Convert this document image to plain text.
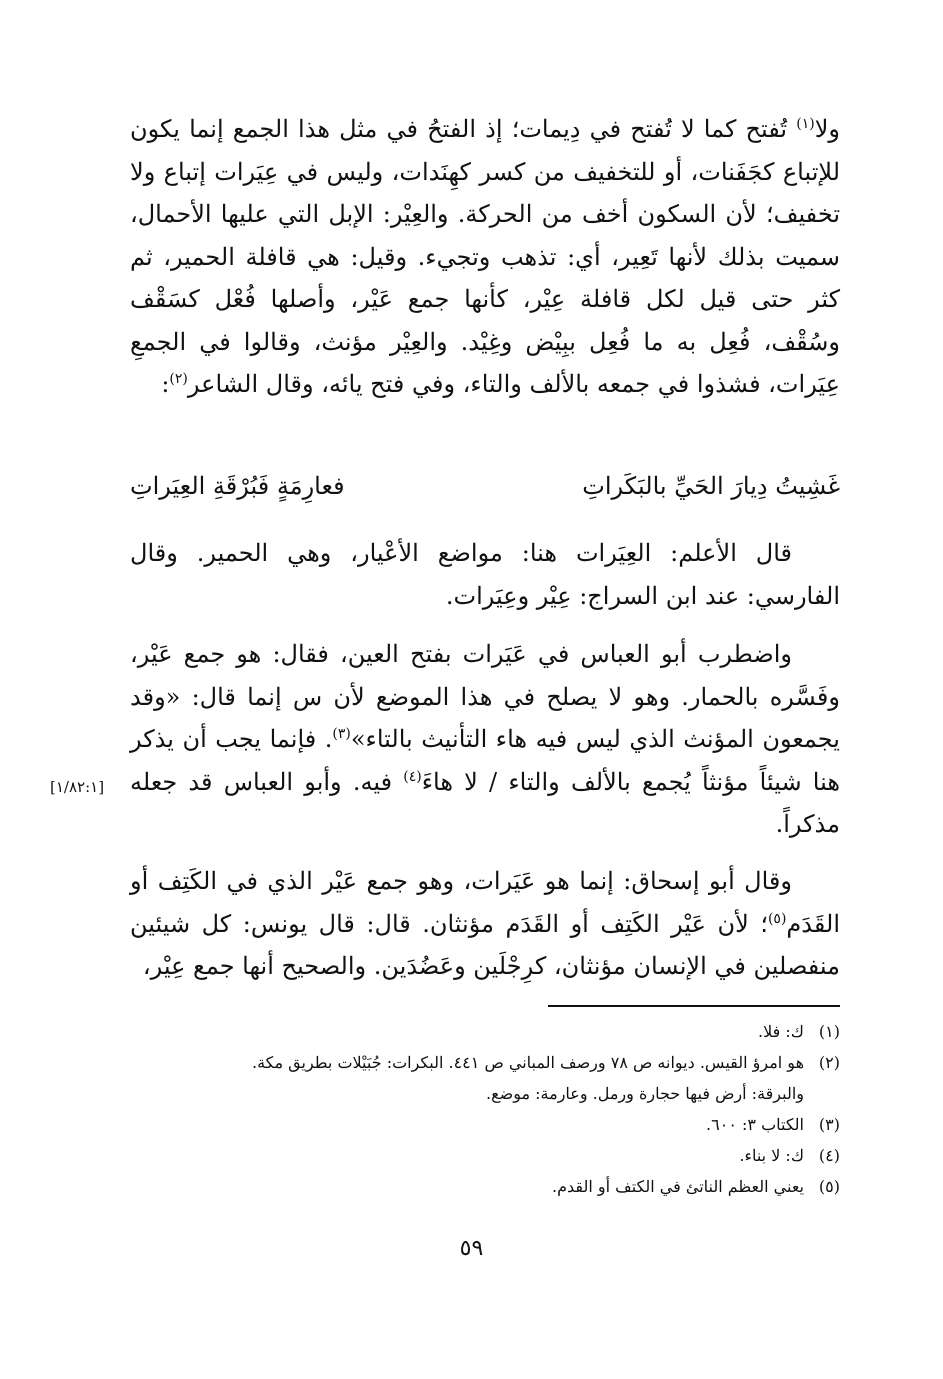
ولا$^{(١)}$ تُفتح كما لا تُفتح في دِيمات؛ إذ الفتحُ في مثل هذا الجمع إنما يكون للإتباع كجَفَنات، أو للتخفيف من كسر كهِنَدات، وليس في عِيَرات إتباع ولا تخفيف؛ لأن السكون أخف من الحركة. والعِيْر: الإبل التي عليها الأحمال، سميت بذلك لأنها تَعِير، أي: تذهب وتجيء. وقيل: هي قافلة الحمير، ثم كثر حتى قيل لكل قافلة عِيْر، كأنها جمع عَيْر، وأصلها فُعْل كسَقْف وسُقْف، فُعِل به ما فُعِل ببِيْض وغِيْد. والعِيْر مؤنث، وقالوا في الجمعِ عِيَرات، فشذوا في جمعه بالألف والتاء، وفي فتح يائه، وقال الشاعر$^{(٢)}$:

غَشِيتُ دِيارَ الحَيِّ بالبَكَراتِ
فعارِمَةٍ فَبُرْقَةِ العِيَراتِ

قال الأعلم: العِيَرات هنا: مواضع الأعْيار، وهي الحمير. وقال الفارسي: عند ابن السراج: عِيْر وعِيَرات.

واضطرب أبو العباس في عَيَرات بفتح العين، فقال: هو جمع عَيْر، وفَسَّره بالحمار. وهو لا يصلح في هذا الموضع لأن س إنما قال: «وقد يجمعون المؤنث الذي ليس فيه هاء التأنيث بالتاء»$^{(٣)}$. فإنما يجب أن يذكر هنا شيئاً مؤنثاً يُجمع بالألف والتاء / لا هاءَ$^{(٤)}$ فيه. وأبو العباس قد جعله مذكراً.

[١/٨٢:١]

وقال أبو إسحاق: إنما هو عَيَرات، وهو جمع عَيْر الذي في الكَتِف أو القَدَم$^{(٥)}$؛ لأن عَيْر الكَتِف أو القَدَم مؤنثان. قال: قال يونس: كل شيئين منفصلين في الإنسان مؤنثان، كرِجْلَين وعَضُدَين. والصحيح أنها جمع عِيْر،

(١)
ك: فلا.
(٢)
هو امرؤ القيس. ديوانه ص ٧٨ ورصف المباني ص ٤٤١. البكرات: جُبَيْلات بطريق مكة.
والبرقة: أرض فيها حجارة ورمل. وعارمة: موضع.
(٣)
الكتاب ٣: ٦٠٠.
(٤)
ك: لا بناء.
(٥)
يعني العظم الناتئ في الكتف أو القدم.
٥٩
